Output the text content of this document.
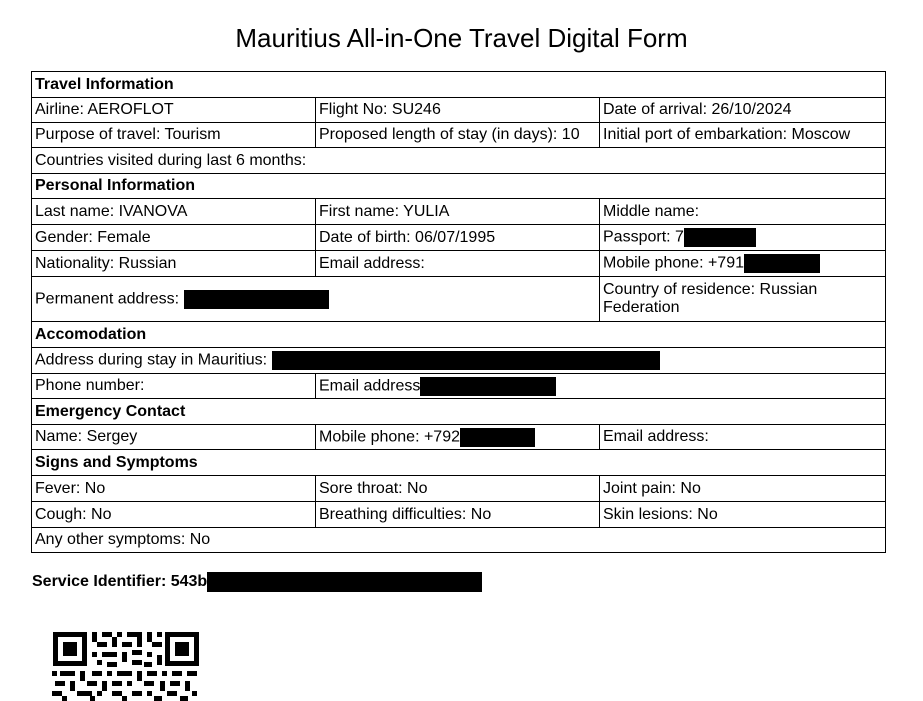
Mauritius All-in-One Travel Digital Form
Travel Information		
Airline: AEROFLOT	Flight No: SU246	Date of arrival: 26/10/2024
Purpose of travel: Tourism	Proposed length of stay (in days): 10	Initial port of embarkation: Moscow
Countries visited during last 6 months:		
Personal Information		
Last name: IVANOVA	First name: YULIA	Middle name:
Gender: Female	Date of birth: 06/07/1995	Passport: 7
Nationality: Russian	Email address:	Mobile phone: +791
Permanent address:		Country of residence: Russian Federation
Accomodation		
Address during stay in Mauritius:		
Phone number:	Email address	
Emergency Contact		
Name: Sergey	Mobile phone: +792	Email address:
Signs and Symptoms		
Fever: No	Sore throat: No	Joint pain: No
Cough: No	Breathing difficulties: No	Skin lesions: No
Any other symptoms: No		
Service Identifier: 543b
